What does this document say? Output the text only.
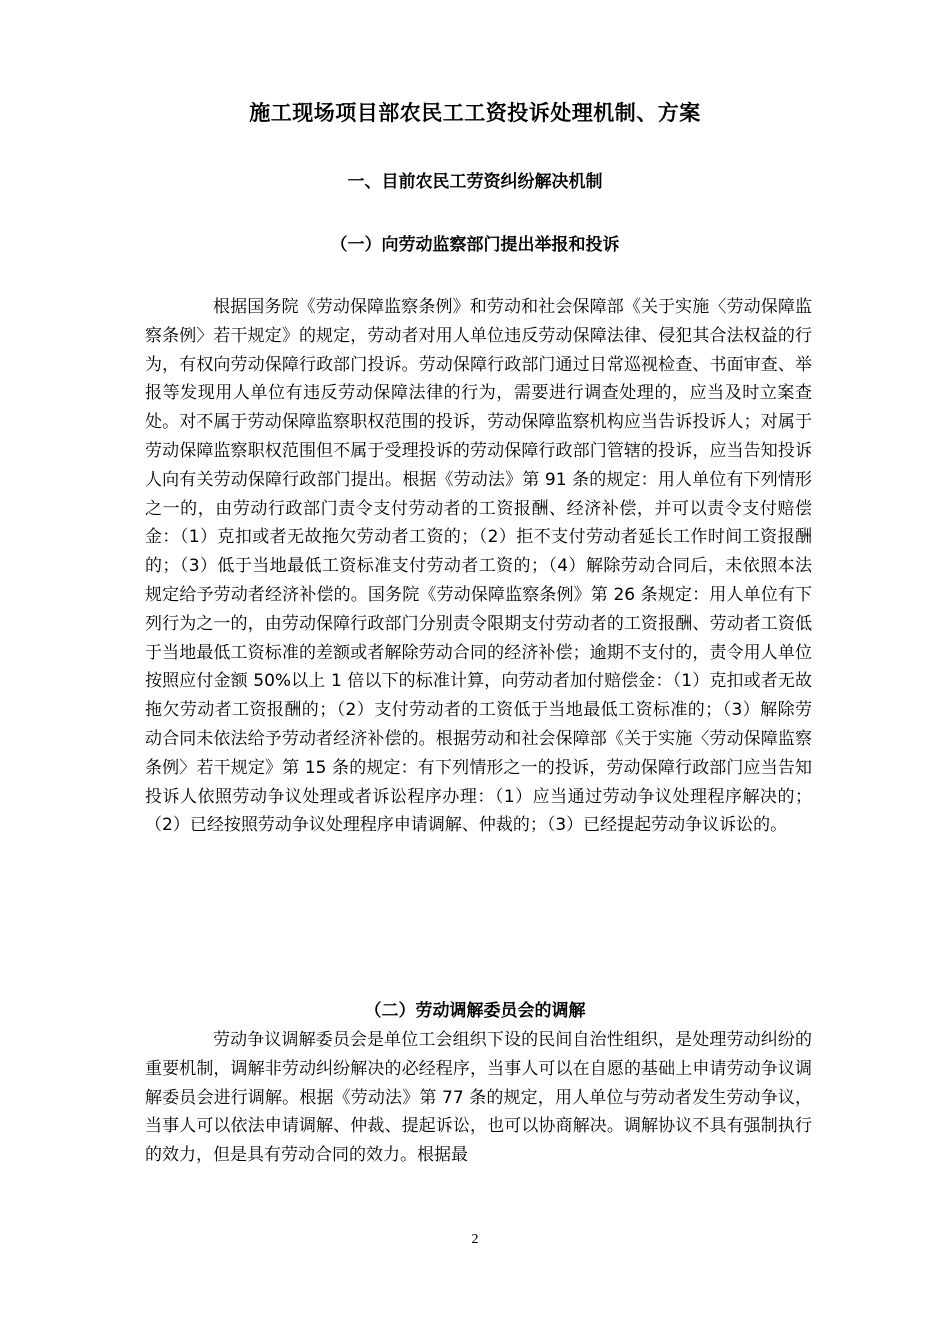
施工现场项目部农民工工资投诉处理机制、方案
一、目前农民工劳资纠纷解决机制
（一）向劳动监察部门提出举报和投诉

根据国务院《劳动保障监察条例》和劳动和社会保障部《关于实施〈劳动保障监察条例〉若干规定》的规定，劳动者对用人单位违反劳动保障法律、侵犯其合法权益的行为，有权向劳动保障行政部门投诉。劳动保障行政部门通过日常巡视检查、书面审查、举报等发现用人单位有违反劳动保障法律的行为，需要进行调查处理的，应当及时立案查处。对不属于劳动保障监察职权范围的投诉，劳动保障监察机构应当告诉投诉人；对属于劳动保障监察职权范围但不属于受理投诉的劳动保障行政部门管辖的投诉，应当告知投诉人向有关劳动保障行政部门提出。根据《劳动法》第 91 条的规定：用人单位有下列情形之一的，由劳动行政部门责令支付劳动者的工资报酬、经济补偿，并可以责令支付赔偿金：（1）克扣或者无故拖欠劳动者工资的；（2）拒不支付劳动者延长工作时间工资报酬的；（3）低于当地最低工资标准支付劳动者工资的；（4）解除劳动合同后，未依照本法规定给予劳动者经济补偿的。国务院《劳动保障监察条例》第 26 条规定：用人单位有下列行为之一的，由劳动保障行政部门分别责令限期支付劳动者的工资报酬、劳动者工资低于当地最低工资标准的差额或者解除劳动合同的经济补偿；逾期不支付的，责令用人单位按照应付金额 50%以上 1 倍以下的标准计算，向劳动者加付赔偿金：（1）克扣或者无故拖欠劳动者工资报酬的；（2）支付劳动者的工资低于当地最低工资标准的；（3）解除劳动合同未依法给予劳动者经济补偿的。根据劳动和社会保障部《关于实施〈劳动保障监察条例〉若干规定》第 15 条的规定：有下列情形之一的投诉，劳动保障行政部门应当告知投诉人依照劳动争议处理或者诉讼程序办理：（1）应当通过劳动争议处理程序解决的；（2）已经按照劳动争议处理程序申请调解、仲裁的；（3）已经提起劳动争议诉讼的。

（二）劳动调解委员会的调解

劳动争议调解委员会是单位工会组织下设的民间自治性组织，是处理劳动纠纷的重要机制，调解非劳动纠纷解决的必经程序，当事人可以在自愿的基础上申请劳动争议调解委员会进行调解。根据《劳动法》第 77 条的规定，用人单位与劳动者发生劳动争议，当事人可以依法申请调解、仲裁、提起诉讼，也可以协商解决。调解协议不具有强制执行的效力，但是具有劳动合同的效力。根据最

2
